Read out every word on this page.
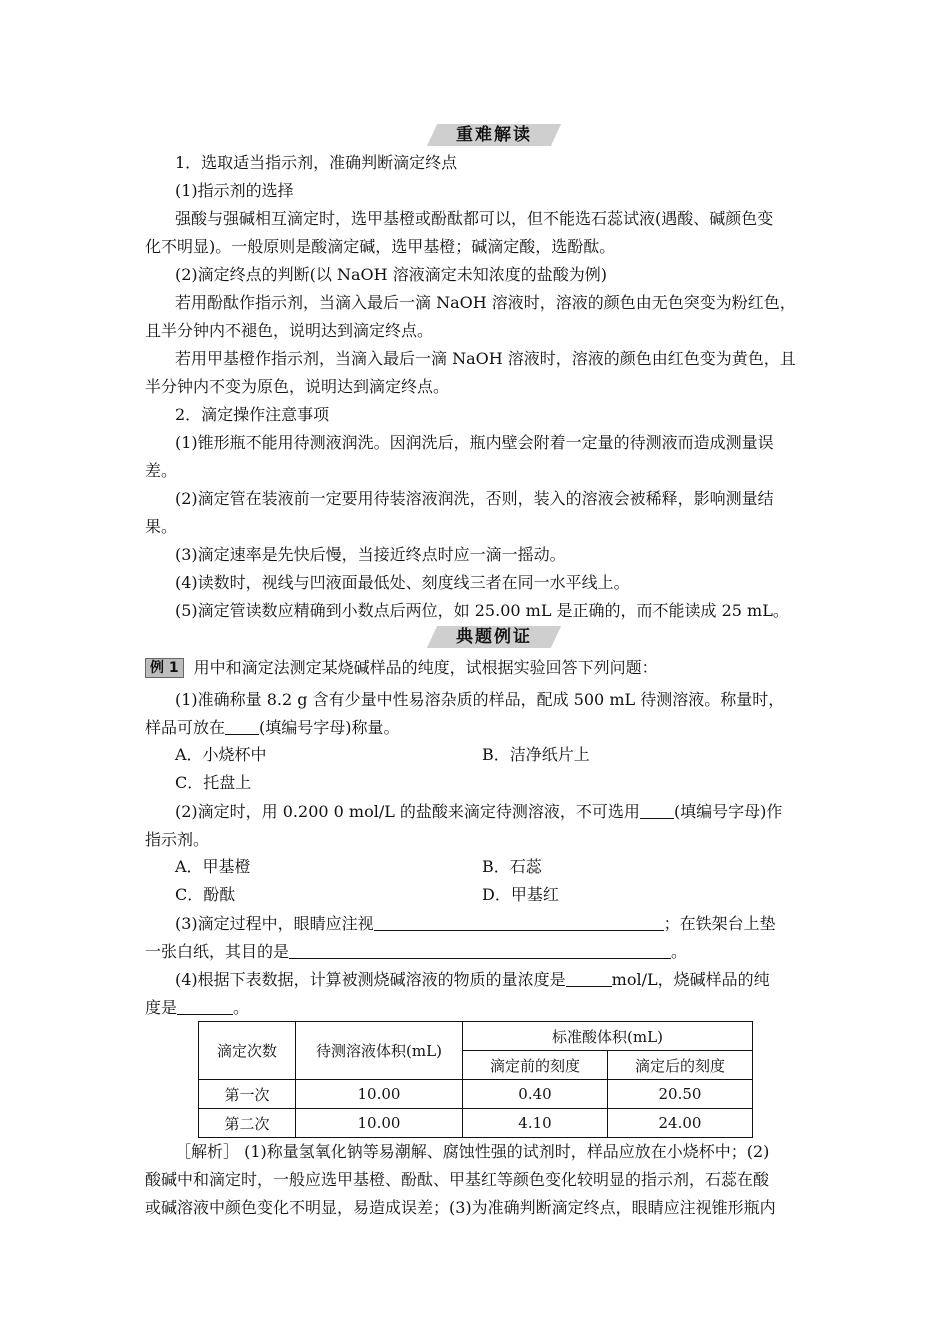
重难解读
1．选取适当指示剂，准确判断滴定终点
(1)指示剂的选择
强酸与强碱相互滴定时，选甲基橙或酚酞都可以，但不能选石蕊试液(遇酸、碱颜色变
化不明显)。一般原则是酸滴定碱，选甲基橙；碱滴定酸，选酚酞。
(2)滴定终点的判断(以 NaOH 溶液滴定未知浓度的盐酸为例)
若用酚酞作指示剂，当滴入最后一滴 NaOH 溶液时，溶液的颜色由无色突变为粉红色，
且半分钟内不褪色，说明达到滴定终点。
若用甲基橙作指示剂，当滴入最后一滴 NaOH 溶液时，溶液的颜色由红色变为黄色，且
半分钟内不变为原色，说明达到滴定终点。
2．滴定操作注意事项
(1)锥形瓶不能用待测液润洗。因润洗后，瓶内壁会附着一定量的待测液而造成测量误
差。
(2)滴定管在装液前一定要用待装溶液润洗，否则，装入的溶液会被稀释，影响测量结
果。
(3)滴定速率是先快后慢，当接近终点时应一滴一摇动。
(4)读数时，视线与凹液面最低处、刻度线三者在同一水平线上。
(5)滴定管读数应精确到小数点后两位，如 25.00 mL 是正确的，而不能读成 25 mL。
典题例证
例 1 用中和滴定法测定某烧碱样品的纯度，试根据实验回答下列问题：
(1)准确称量 8.2 g 含有少量中性易溶杂质的样品，配成 500 mL 待测溶液。称量时，
样品可放在 (填编号字母)称量。
A．小烧杯中	B．洁净纸片上
C．托盘上
(2)滴定时，用 0.200 0 mol/L 的盐酸来滴定待测溶液，不可选用 (填编号字母)作
指示剂。
A．甲基橙	B．石蕊
C．酚酞	D．甲基红
(3)滴定过程中，眼睛应注视	；在铁架台上垫
一张白纸，其目的是	。
(4)根据下表数据，计算被测烧碱溶液的物质的量浓度是	mol/L，烧碱样品的纯
度是	。
滴定次数	待测溶液体积(mL)	标准酸体积(mL)	
		滴定前的刻度	滴定后的刻度
第一次	10.00	0.40	20.50
第二次	10.00	4.10	24.00
［解析］ (1)称量氢氧化钠等易潮解、腐蚀性强的试剂时，样品应放在小烧杯中；(2)
酸碱中和滴定时，一般应选甲基橙、酚酞、甲基红等颜色变化较明显的指示剂，石蕊在酸
或碱溶液中颜色变化不明显，易造成误差；(3)为准确判断滴定终点，眼睛应注视锥形瓶内
